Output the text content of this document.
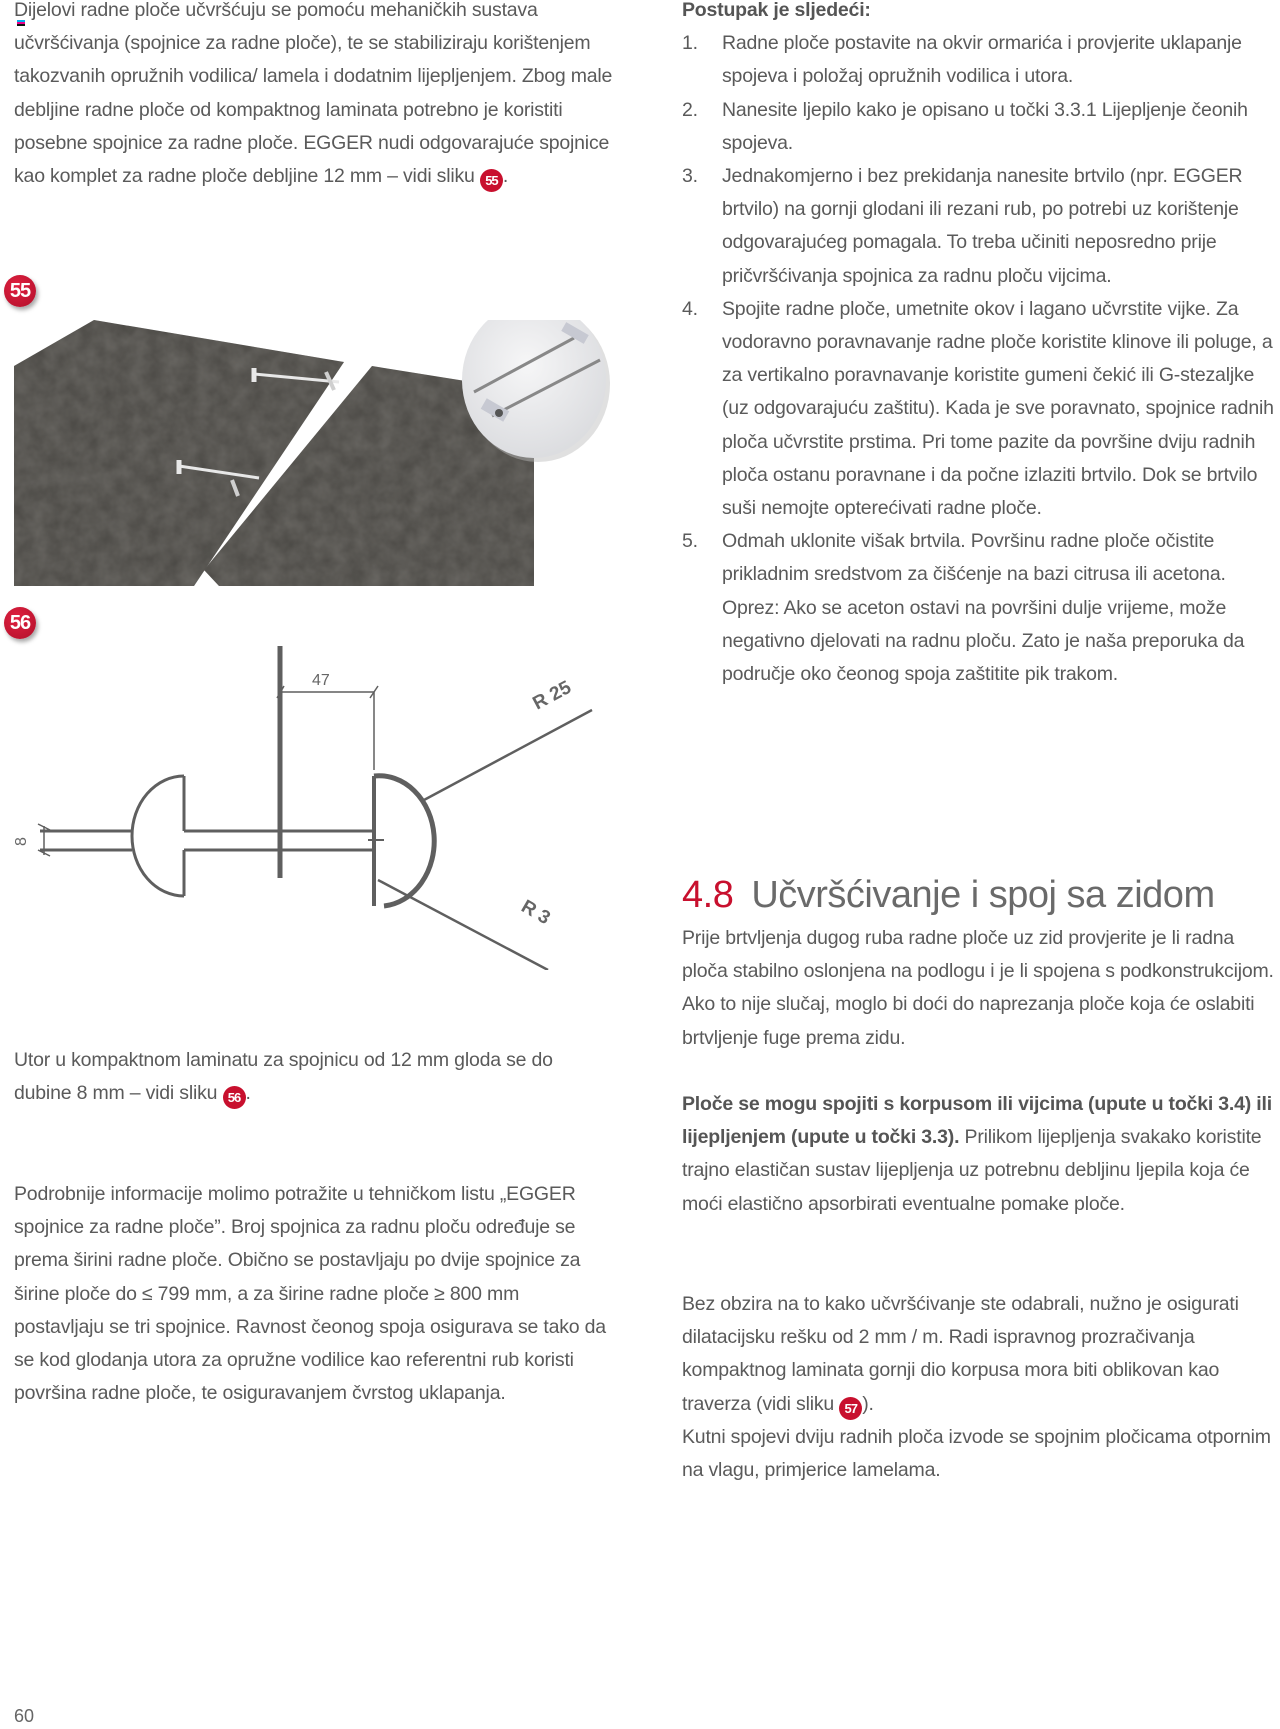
Dijelovi radne ploče učvršćuju se pomoću mehaničkih sustava učvršćivanja (spojnice za radne ploče), te se stabiliziraju korištenjem takozvanih opružnih vodilica/ lamela i dodatnim lijepljenjem. Zbog male debljine radne ploče od kompaktnog laminata potrebno je koristiti posebne spojnice za radne ploče. EGGER nudi odgovarajuće spojnice kao komplet za radne ploče debljine 12 mm – vidi sliku 55 .

55
56
47
8
R 25
R 3

Utor u kompaktnom laminatu za spojnicu od 12 mm gloda se do dubine 8 mm – vidi sliku 56 .

Podrobnije informacije molimo potražite u tehničkom listu „EGGER spojnice za radne ploče”. Broj spojnica za radnu ploču određuje se prema širini radne ploče. Obično se postavljaju po dvije spojnice za širine ploče do ≤ 799 mm, a za širine radne ploče ≥ 800 mm postavljaju se tri spojnice. Ravnost čeonog spoja osigurava se tako da se kod glodanja utora za opružne vodilice kao referentni rub koristi površina radne ploče, te osiguravanjem čvrstog uklapanja.

Postupak je sljedeći:

1. Radne ploče postavite na okvir ormarića i provjerite uklapanje spojeva i položaj opružnih vodilica i utora.
2. Nanesite ljepilo kako je opisano u točki 3.3.1 Lijepljenje čeonih spojeva.
3. Jednakomjerno i bez prekidanja nanesite brtvilo (npr. EGGER brtvilo) na gornji glodani ili rezani rub, po potrebi uz korištenje odgovarajućeg pomagala. To treba učiniti neposredno prije pričvršćivanja spojnica za radnu ploču vijcima.
4. Spojite radne ploče, umetnite okov i lagano učvrstite vijke. Za vodoravno poravnavanje radne ploče koristite klinove ili poluge, a za vertikalno poravnavanje koristite gumeni čekić ili G-stezaljke (uz odgovarajuću zaštitu). Kada je sve poravnato, spojnice radnih ploča učvrstite prstima. Pri tome pazite da površine dviju radnih ploča ostanu poravnane i da počne izlaziti brtvilo. Dok se brtvilo suši nemojte opterećivati radne ploče.
5. Odmah uklonite višak brtvila. Površinu radne ploče očistite prikladnim sredstvom za čišćenje na bazi citrusa ili acetona. Oprez: Ako se aceton ostavi na površini dulje vrijeme, može negativno djelovati na radnu ploču. Zato je naša preporuka da područje oko čeonog spoja zaštitite pik trakom.
4.8 Učvršćivanje i spoj sa zidom

Prije brtvljenja dugog ruba radne ploče uz zid provjerite je li radna ploča stabilno oslonjena na podlogu i je li spojena s podkonstrukcijom. Ako to nije slučaj, moglo bi doći do naprezanja ploče koja će oslabiti brtvljenje fuge prema zidu.

Ploče se mogu spojiti s korpusom ili vijcima (upute u točki 3.4) ili lijepljenjem (upute u točki 3.3). Prilikom lijepljenja svakako koristite trajno elastičan sustav lijepljenja uz potrebnu debljinu ljepila koja će moći elastično apsorbirati eventualne pomake ploče.

Bez obzira na to kako učvršćivanje ste odabrali, nužno je osigurati dilatacijsku rešku od 2 mm / m. Radi ispravnog prozračivanja kompaktnog laminata gornji dio korpusa mora biti oblikovan kao traverza (vidi sliku 57 ).

Kutni spojevi dviju radnih ploča izvode se spojnim pločicama otpornim na vlagu, primjerice lamelama.

60
